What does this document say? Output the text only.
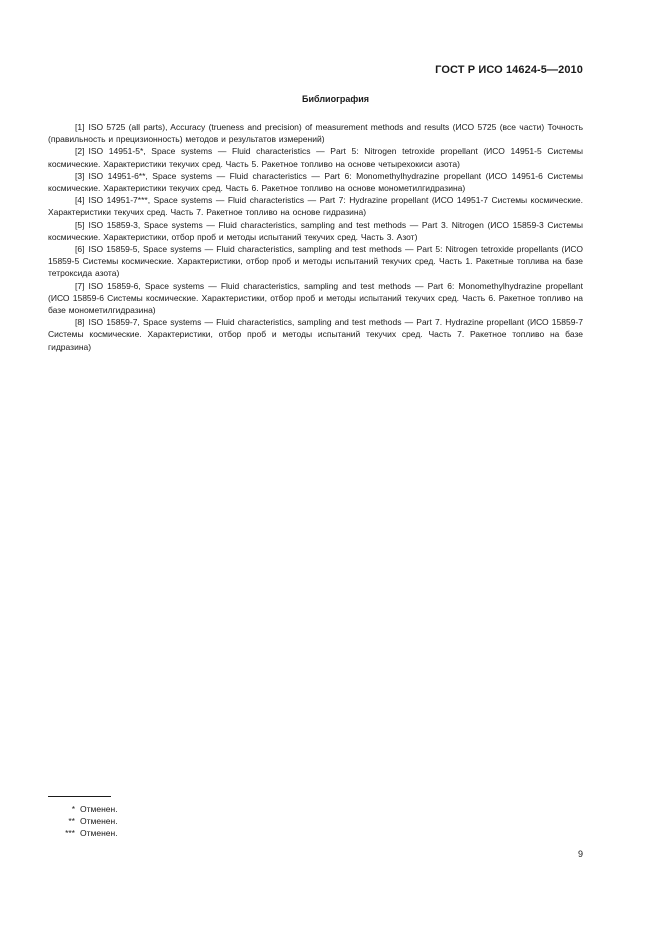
ГОСТ Р ИСО 14624-5—2010
Библиография

[1] ISO 5725 (all parts), Accuracy (trueness and precision) of measurement methods and results (ИСО 5725 (все части) Точность (правильность и прецизионность) методов и результатов измерений)

[2] ISO 14951-5*, Space systems — Fluid characteristics — Part 5: Nitrogen tetroxide propellant (ИСО 14951-5 Системы космические. Характеристики текучих сред. Часть 5. Ракетное топливо на основе четырехокиси азота)

[3] ISO 14951-6**, Space systems — Fluid characteristics — Part 6: Monomethylhydrazine propellant (ИСО 14951-6 Системы космические. Характеристики текучих сред. Часть 6. Ракетное топливо на основе монометилгидразина)

[4] ISO 14951-7***, Space systems — Fluid characteristics — Part 7: Hydrazine propellant (ИСО 14951-7 Системы космические. Характеристики текучих сред. Часть 7. Ракетное топливо на основе гидразина)

[5] ISO 15859-3, Space systems — Fluid characteristics, sampling and test methods — Part 3. Nitrogen (ИСО 15859-3 Системы космические. Характеристики, отбор проб и методы испытаний текучих сред. Часть 3. Азот)

[6] ISO 15859-5, Space systems — Fluid characteristics, sampling and test methods — Part 5: Nitrogen tetroxide propellants (ИСО 15859-5 Системы космические. Характеристики, отбор проб и методы испытаний текучих сред. Часть 1. Ракетные топлива на базе тетроксида азота)

[7] ISO 15859-6, Space systems — Fluid characteristics, sampling and test methods — Part 6: Monomethylhydrazine propellant (ИСО 15859-6 Системы космические. Характеристики, отбор проб и методы испытаний текучих сред. Часть 6. Ракетное топливо на базе монометилгидразина)

[8] ISO 15859-7, Space systems — Fluid characteristics, sampling and test methods — Part 7. Hydrazine propellant (ИСО 15859-7 Системы космические. Характеристики, отбор проб и методы испытаний текучих сред. Часть 7. Ракетное топливо на базе гидразина)

* Отменен.
** Отменен.
*** Отменен.
9
